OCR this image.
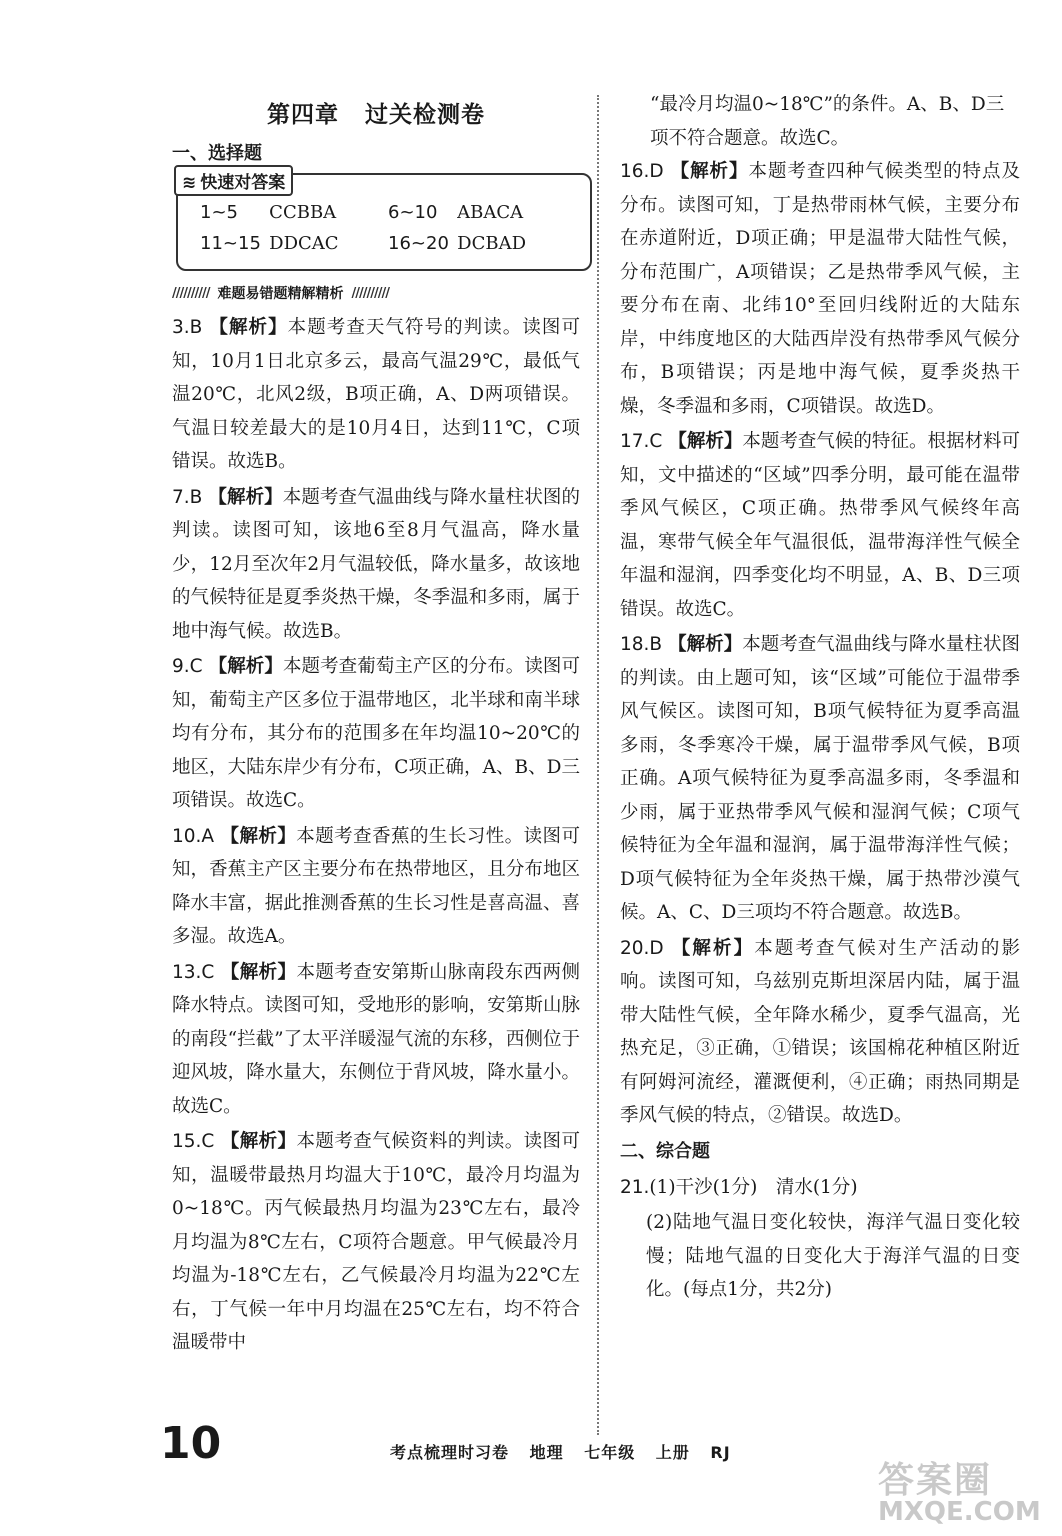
第四章 过关检测卷
一、选择题
≋ 快速对答案
1~5	CCBBA	6~10	ABACA
11~15 DDCAC	16~20 DCBAD
////////// 难题易错题精解精析 //////////
3.B 【解析】本题考查天气符号的判读。读图可知，10月1日北京多云，最高气温29℃，最低气温20℃，北风2级，B项正确，A、D两项错误。气温日较差最大的是10月4日，达到11℃，C项错误。故选B。
7.B 【解析】本题考查气温曲线与降水量柱状图的判读。读图可知，该地6至8月气温高，降水量少，12月至次年2月气温较低，降水量多，故该地的气候特征是夏季炎热干燥，冬季温和多雨，属于地中海气候。故选B。
9.C 【解析】本题考查葡萄主产区的分布。读图可知，葡萄主产区多位于温带地区，北半球和南半球均有分布，其分布的范围多在年均温10~20℃的地区，大陆东岸少有分布，C项正确，A、B、D三项错误。故选C。
10.A 【解析】本题考查香蕉的生长习性。读图可知，香蕉主产区主要分布在热带地区，且分布地区降水丰富，据此推测香蕉的生长习性是喜高温、喜多湿。故选A。
13.C 【解析】本题考查安第斯山脉南段东西两侧降水特点。读图可知，受地形的影响，安第斯山脉的南段“拦截”了太平洋暖湿气流的东移，西侧位于迎风坡，降水量大，东侧位于背风坡，降水量小。故选C。
15.C 【解析】本题考查气候资料的判读。读图可知，温暖带最热月均温大于10℃，最冷月均温为0~18℃。丙气候最热月均温为23℃左右，最冷月均温为8℃左右，C项符合题意。甲气候最冷月均温为-18℃左右，乙气候最冷月均温为22℃左右，丁气候一年中月均温在25℃左右，均不符合温暖带中
“最冷月均温0~18℃”的条件。A、B、D三项不符合题意。故选C。
16.D 【解析】本题考查四种气候类型的特点及分布。读图可知，丁是热带雨林气候，主要分布在赤道附近，D项正确；甲是温带大陆性气候，分布范围广，A项错误；乙是热带季风气候，主要分布在南、北纬10°至回归线附近的大陆东岸，中纬度地区的大陆西岸没有热带季风气候分布，B项错误；丙是地中海气候，夏季炎热干燥，冬季温和多雨，C项错误。故选D。
17.C 【解析】本题考查气候的特征。根据材料可知，文中描述的“区域”四季分明，最可能在温带季风气候区，C项正确。热带季风气候终年高温，寒带气候全年气温很低，温带海洋性气候全年温和湿润，四季变化均不明显，A、B、D三项错误。故选C。
18.B 【解析】本题考查气温曲线与降水量柱状图的判读。由上题可知，该“区域”可能位于温带季风气候区。读图可知，B项气候特征为夏季高温多雨，冬季寒冷干燥，属于温带季风气候，B项正确。A项气候特征为夏季高温多雨，冬季温和少雨，属于亚热带季风气候和湿润气候；C项气候特征为全年温和湿润，属于温带海洋性气候；D项气候特征为全年炎热干燥，属于热带沙漠气候。A、C、D三项均不符合题意。故选B。
20.D 【解析】本题考查气候对生产活动的影响。读图可知，乌兹别克斯坦深居内陆，属于温带大陆性气候，全年降水稀少，夏季气温高，光热充足，③正确，①错误；该国棉花种植区附近有阿姆河流经，灌溉便利，④正确；雨热同期是季风气候的特点，②错误。故选D。
二、综合题
21.(1)干沙(1分)　清水(1分)
(2)陆地气温日变化较快，海洋气温日变化较慢；陆地气温的日变化大于海洋气温的日变化。(每点1分，共2分)
10	考点梳理时习卷 地理 七年级 上册 RJ
答案圈
MXQE.COM
